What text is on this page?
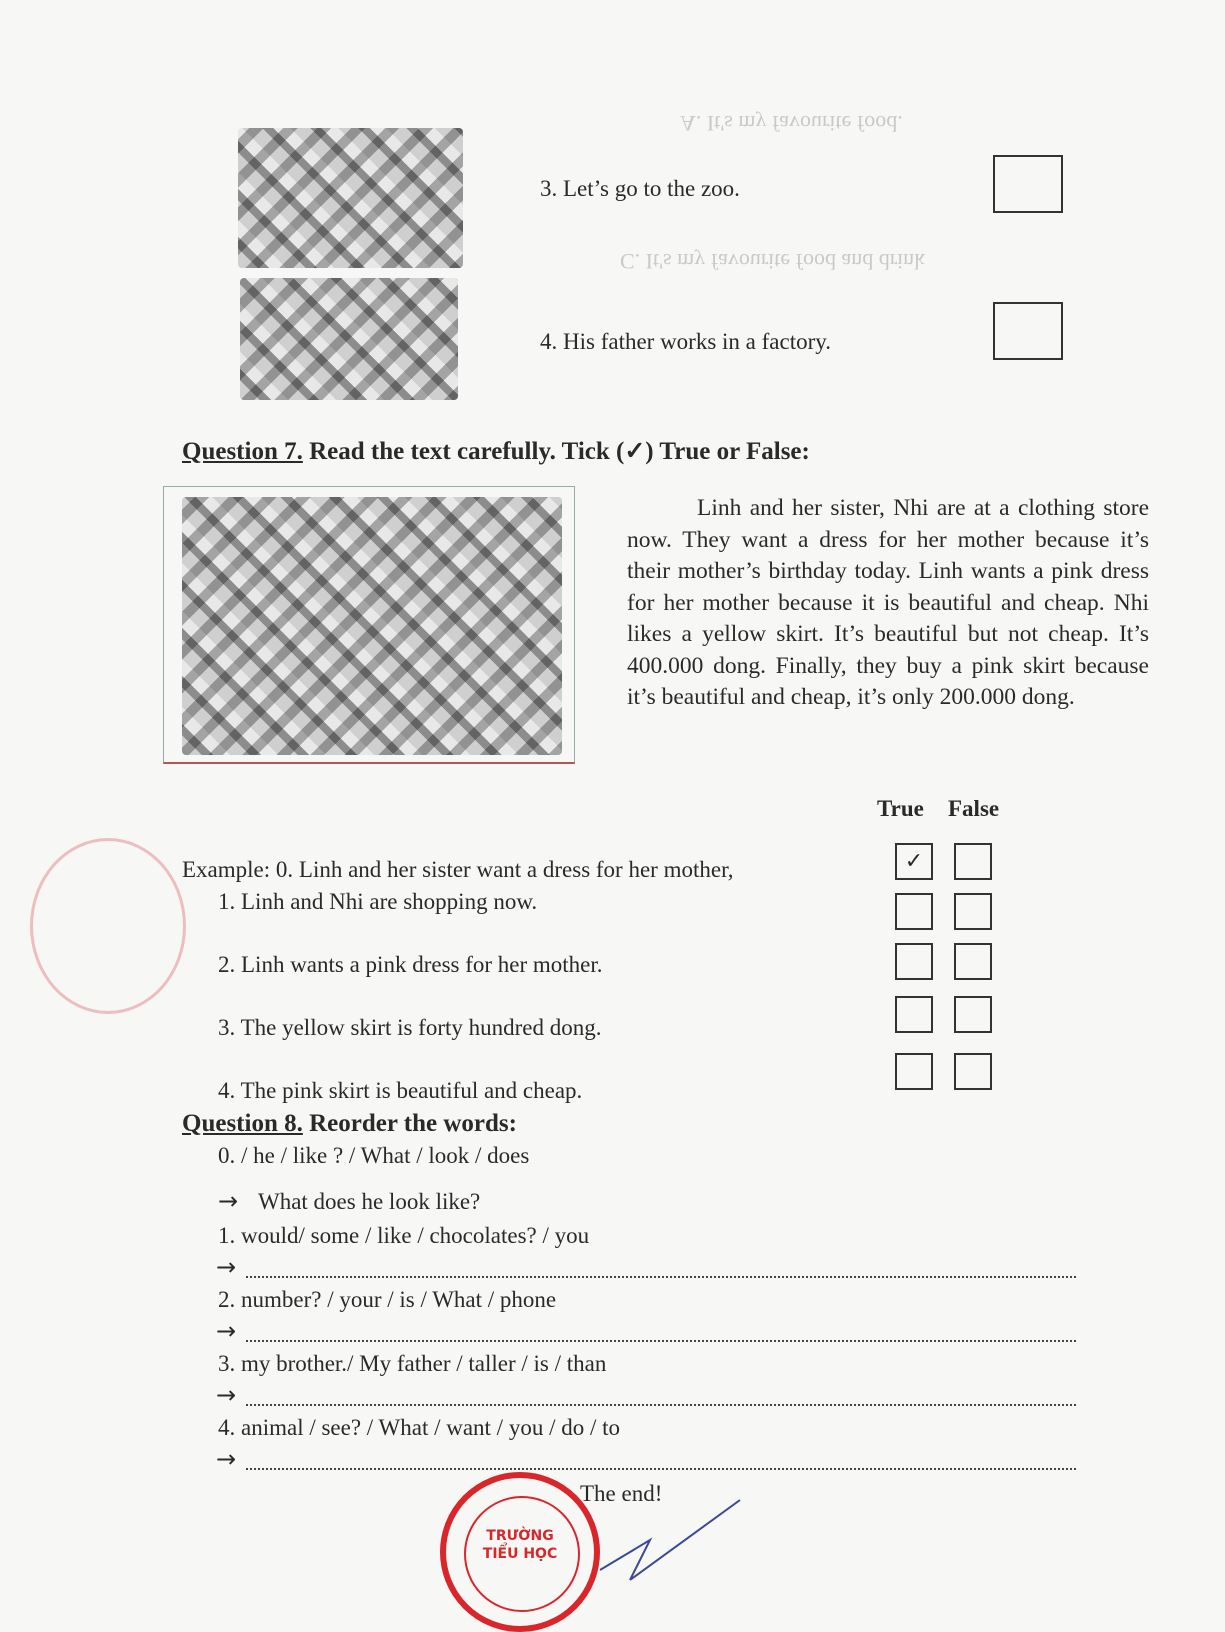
A. It's my favourite food.
C. It's my favourite food and drink
3. Let’s go to the zoo.
4. His father works in a factory.
Question 7. Read the text carefully. Tick (✓) True or False:
Linh and her sister, Nhi are at a clothing store now. They want a dress for her mother because it’s their mother’s birthday today. Linh wants a pink dress for her mother because it is beautiful and cheap. Nhi likes a yellow skirt. It’s beautiful but not cheap. It’s 400.000 dong. Finally, they buy a pink skirt because it’s beautiful and cheap, it’s only 200.000 dong.
True False
Example: 0. Linh and her sister want a dress for her mother,	✓
1. Linh and Nhi are shopping now.
2. Linh wants a pink dress for her mother.
3. The yellow skirt is forty hundred dong.
4. The pink skirt is beautiful and cheap.
Question 8. Reorder the words:
0. / he / like ? / What / look / does
→ What does he look like?
1. would/ some / like / chocolates? / you
→
2. number? / your / is / What / phone
→
3. my brother./ My father / taller / is / than
→
4. animal / see? / What / want / you / do / to
→
The end!
TRƯỜNG
TIỂU HỌC
